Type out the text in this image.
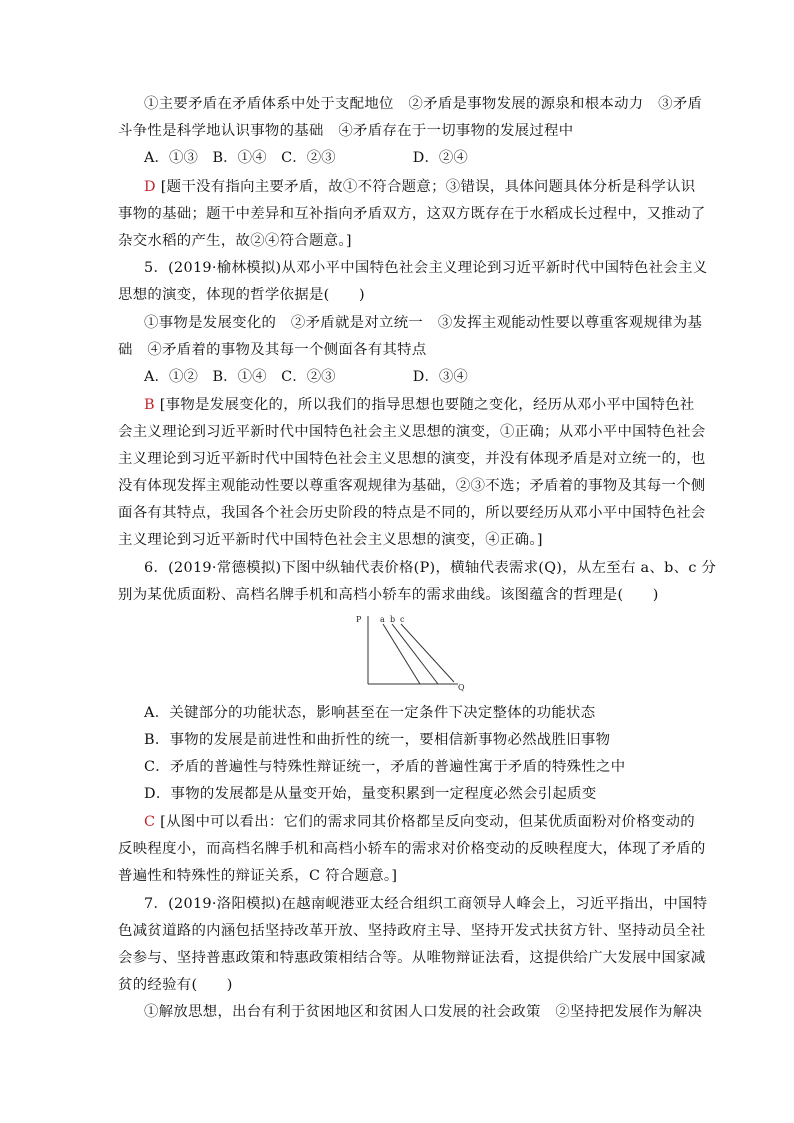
①主要矛盾在矛盾体系中处于支配地位　②矛盾是事物发展的源泉和根本动力　③矛盾
斗争性是科学地认识事物的基础　④矛盾存在于一切事物的发展过程中
A．①③　B．①④　C．②③　　　　　 D．②④
D [题干没有指向主要矛盾，故①不符合题意；③错误，具体问题具体分析是科学认识
事物的基础；题干中差异和互补指向矛盾双方，这双方既存在于水稻成长过程中，又推动了
杂交水稻的产生，故②④符合题意。]
5．(2019·榆林模拟)从邓小平中国特色社会主义理论到习近平新时代中国特色社会主义
思想的演变，体现的哲学依据是(　　)
①事物是发展变化的　②矛盾就是对立统一　③发挥主观能动性要以尊重客观规律为基
础　④矛盾着的事物及其每一个侧面各有其特点
A．①②　B．①④　C．②③　　　　　 D．③④
B [事物是发展变化的，所以我们的指导思想也要随之变化，经历从邓小平中国特色社
会主义理论到习近平新时代中国特色社会主义思想的演变，①正确；从邓小平中国特色社会
主义理论到习近平新时代中国特色社会主义思想的演变，并没有体现矛盾是对立统一的，也
没有体现发挥主观能动性要以尊重客观规律为基础，②③不选；矛盾着的事物及其每一个侧
面各有其特点，我国各个社会历史阶段的特点是不同的，所以要经历从邓小平中国特色社会
主义理论到习近平新时代中国特色社会主义思想的演变，④正确。]
6．(2019·常德模拟)下图中纵轴代表价格(P)，横轴代表需求(Q)，从左至右 a、b、c 分
别为某优质面粉、高档名牌手机和高档小轿车的需求曲线。该图蕴含的哲理是(　　)
P
Q
a b c
A．关键部分的功能状态，影响甚至在一定条件下决定整体的功能状态
B．事物的发展是前进性和曲折性的统一，要相信新事物必然战胜旧事物
C．矛盾的普遍性与特殊性辩证统一，矛盾的普遍性寓于矛盾的特殊性之中
D．事物的发展都是从量变开始，量变积累到一定程度必然会引起质变
C [从图中可以看出：它们的需求同其价格都呈反向变动，但某优质面粉对价格变动的
反映程度小，而高档名牌手机和高档小轿车的需求对价格变动的反映程度大，体现了矛盾的
普遍性和特殊性的辩证关系，C 符合题意。]
7．(2019·洛阳模拟)在越南岘港亚太经合组织工商领导人峰会上，习近平指出，中国特
色减贫道路的内涵包括坚持改革开放、坚持政府主导、坚持开发式扶贫方针、坚持动员全社
会参与、坚持普惠政策和特惠政策相结合等。从唯物辩证法看，这提供给广大发展中国家减
贫的经验有(　　)
①解放思想，出台有利于贫困地区和贫困人口发展的社会政策　②坚持把发展作为解决
